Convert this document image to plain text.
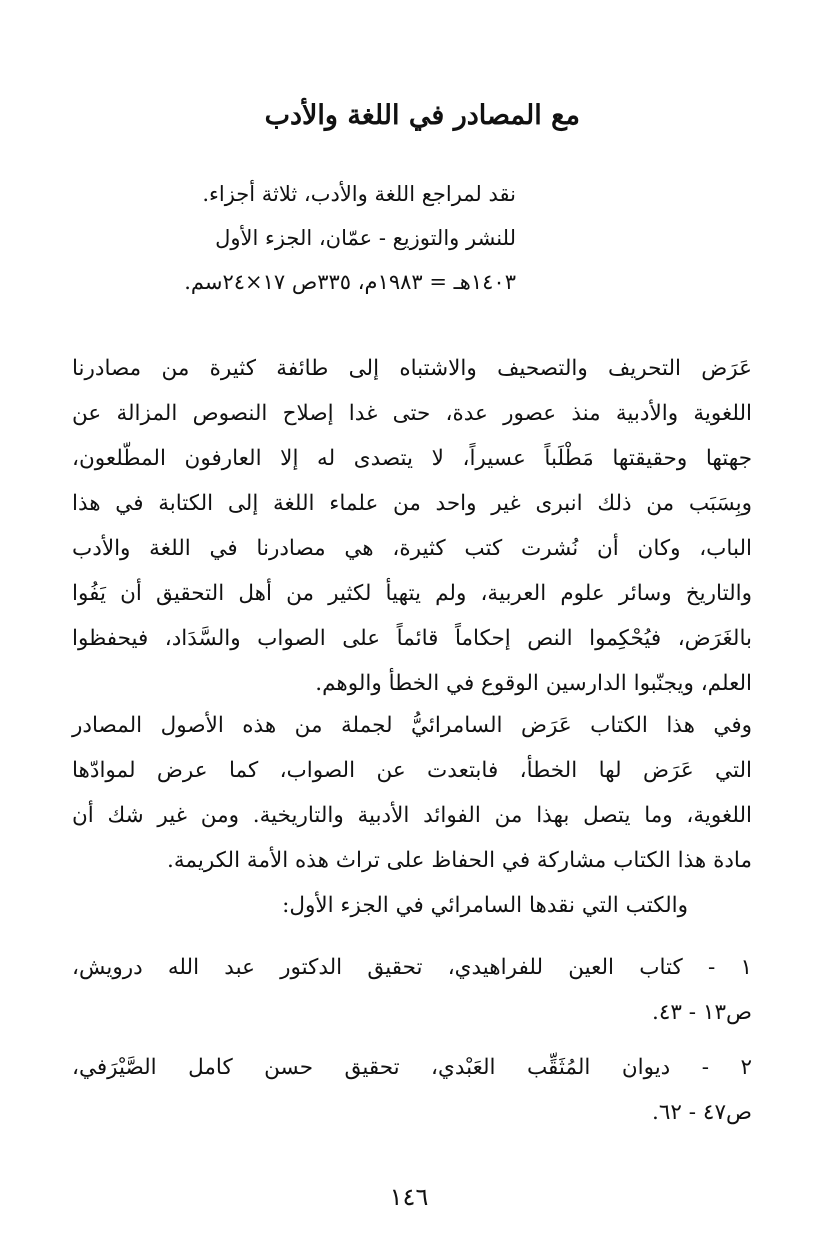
مع المصادر في اللغة والأدب
نقد لمراجع اللغة والأدب، ثلاثة أجزاء.
للنشر والتوزيع - عمّان، الجزء الأول
١٤٠٣هـ = ١٩٨٣م، ٣٣٥ص ١٧×٢٤سم.
عَرَض التحريف والتصحيف والاشتباه إلى طائفة كثيرة من مصادرنا
اللغوية والأدبية منذ عصور عدة، حتى غدا إصلاح النصوص المزالة عن
جهتها وحقيقتها مَطْلَباً عسيراً، لا يتصدى له إلا العارفون المطّلعون،
وبِسَبَب من ذلك انبرى غير واحد من علماء اللغة إلى الكتابة في هذا
الباب، وكان أن نُشرت كتب كثيرة، هي مصادرنا في اللغة والأدب
والتاريخ وسائر علوم العربية، ولم يتهيأ لكثير من أهل التحقيق أن يَفُوا
بالغَرَض، فيُحْكِموا النص إحكاماً قائماً على الصواب والسَّدَاد، فيحفظوا
العلم، ويجنّبوا الدارسين الوقوع في الخطأ والوهم.
وفي هذا الكتاب عَرَض السامرائيُّ لجملة من هذه الأصول المصادر
التي عَرَض لها الخطأ، فابتعدت عن الصواب، كما عرض لموادّها
اللغوية، وما يتصل بهذا من الفوائد الأدبية والتاريخية. ومن غير شك أن
مادة هذا الكتاب مشاركة في الحفاظ على تراث هذه الأمة الكريمة.
والكتب التي نقدها السامرائي في الجزء الأول:
١ - كتاب العين للفراهيدي، تحقيق الدكتور عبد الله درويش،
ص١٣ - ٤٣.
٢ - ديوان المُثَقِّب العَبْدي، تحقيق حسن كامل الصَّيْرَفي،
ص٤٧ - ٦٢.
١٤٦
